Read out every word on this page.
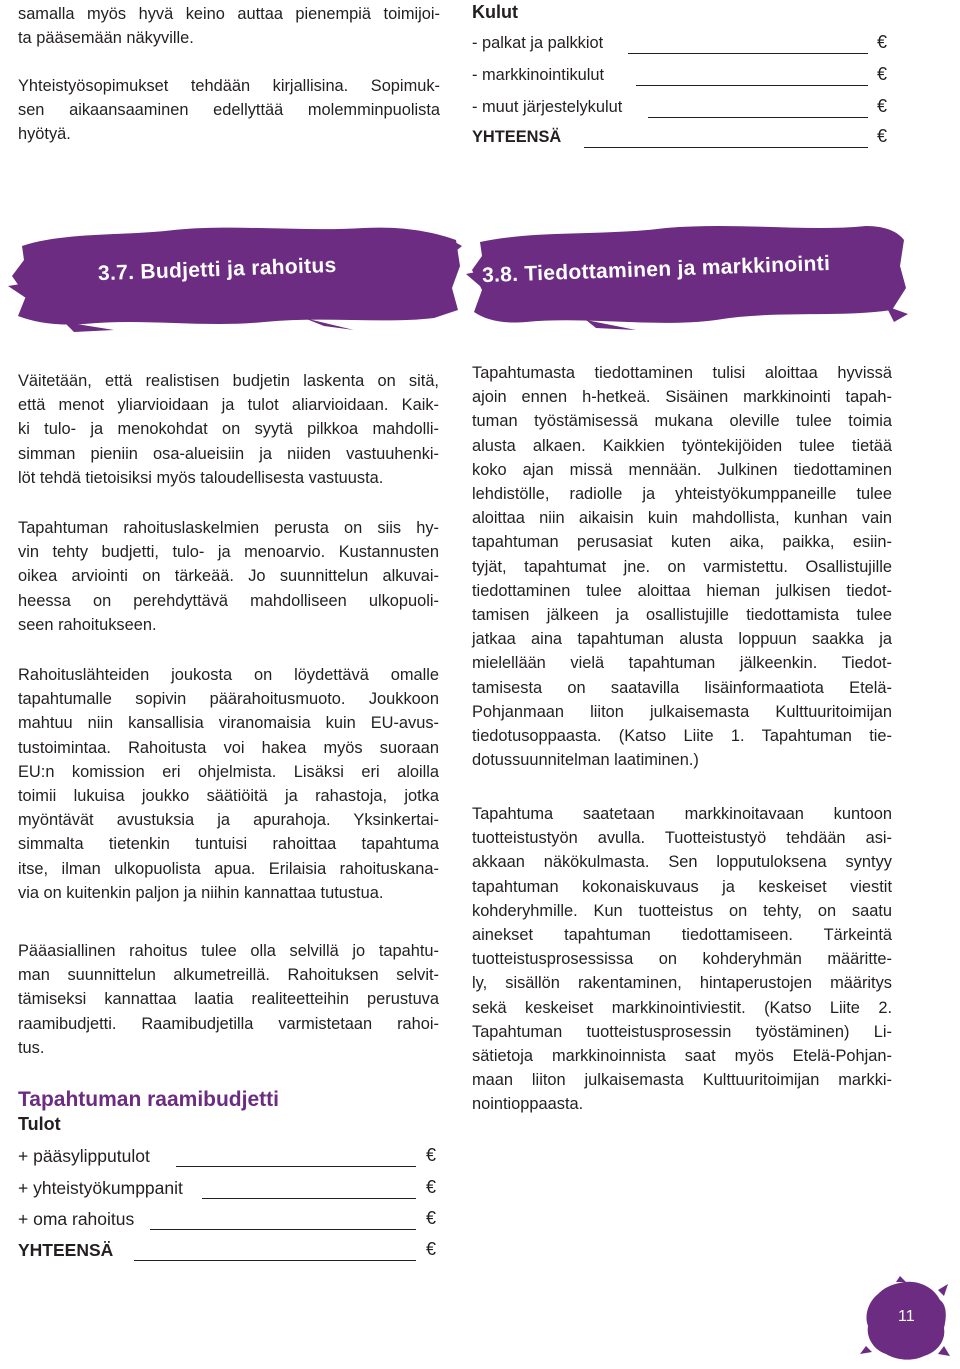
samalla myös hyvä keino auttaa pienempiä toimijoi-
ta pääsemään näkyville.
Yhteistyösopimukset tehdään kirjallisina. Sopimuk-
sen aikaansaaminen edellyttää molemminpuolista
hyötyä.
Kulut
- palkat ja palkkiot	€
- markkinointikulut	€
- muut järjestelykulut	€
YHTEENSÄ	€
3.7. Budjetti ja rahoitus	3.8. Tiedottaminen ja markkinointi
Väitetään, että realistisen budjetin laskenta on sitä,
että menot yliarvioidaan ja tulot aliarvioidaan. Kaik-
ki tulo- ja menokohdat on syytä pilkkoa mahdolli-
simman pieniin osa-alueisiin ja niiden vastuuhenki-
löt tehdä tietoisiksi myös taloudellisesta vastuusta.
Tapahtuman rahoituslaskelmien perusta on siis hy-
vin tehty budjetti, tulo- ja menoarvio. Kustannusten
oikea arviointi on tärkeää. Jo suunnittelun alkuvai-
heessa on perehdyttävä mahdolliseen ulkopuoli-
seen rahoitukseen.
Rahoituslähteiden joukosta on löydettävä omalle
tapahtumalle sopivin päärahoitusmuoto. Joukkoon
mahtuu niin kansallisia viranomaisia kuin EU-avus-
tustoimintaa. Rahoitusta voi hakea myös suoraan
EU:n komission eri ohjelmista. Lisäksi eri aloilla
toimii lukuisa joukko säätiöitä ja rahastoja, jotka
myöntävät avustuksia ja apurahoja. Yksinkertai-
simmalta tietenkin tuntuisi rahoittaa tapahtuma
itse, ilman ulkopuolista apua. Erilaisia rahoituskana-
via on kuitenkin paljon ja niihin kannattaa tutustua.
Pääasiallinen rahoitus tulee olla selvillä jo tapahtu-
man suunnittelun alkumetreillä. Rahoituksen selvit-
tämiseksi kannattaa laatia realiteetteihin perustuva
raamibudjetti. Raamibudjetilla varmistetaan rahoi-
tus.
Tapahtuman raamibudjetti
Tulot
+ pääsylipputulot	€
+ yhteistyökumppanit	€
+ oma rahoitus	€
YHTEENSÄ	€
Tapahtumasta tiedottaminen tulisi aloittaa hyvissä
ajoin ennen h-hetkeä. Sisäinen markkinointi tapah-
tuman työstämisessä mukana oleville tulee toimia
alusta alkaen. Kaikkien työntekijöiden tulee tietää
koko ajan missä mennään. Julkinen tiedottaminen
lehdistölle, radiolle ja yhteistyökumppaneille tulee
aloittaa niin aikaisin kuin mahdollista, kunhan vain
tapahtuman perusasiat kuten aika, paikka, esiin-
tyjät, tapahtumat jne. on varmistettu. Osallistujille
tiedottaminen tulee aloittaa hieman julkisen tiedot-
tamisen jälkeen ja osallistujille tiedottamista tulee
jatkaa aina tapahtuman alusta loppuun saakka ja
mielellään vielä tapahtuman jälkeenkin. Tiedot-
tamisesta on saatavilla lisäinformaatiota Etelä-
Pohjanmaan liiton julkaisemasta Kulttuuritoimijan
tiedotusoppaasta. (Katso Liite 1. Tapahtuman tie-
dotussuunnitelman laatiminen.)
Tapahtuma saatetaan markkinoitavaan kuntoon
tuotteistustyön avulla. Tuotteistustyö tehdään asi-
akkaan näkökulmasta. Sen lopputuloksena syntyy
tapahtuman kokonaiskuvaus ja keskeiset viestit
kohderyhmille. Kun tuotteistus on tehty, on saatu
ainekset tapahtuman tiedottamiseen. Tärkeintä
tuotteistusprosessissa on kohderyhmän määritte-
ly, sisällön rakentaminen, hintaperustojen määritys
sekä keskeiset markkinointiviestit. (Katso Liite 2.
Tapahtuman tuotteistusprosessin työstäminen) Li-
sätietoja markkinoinnista saat myös Etelä-Pohjan-
maan liiton julkaisemasta Kulttuuritoimijan markki-
nointioppaasta.
11
